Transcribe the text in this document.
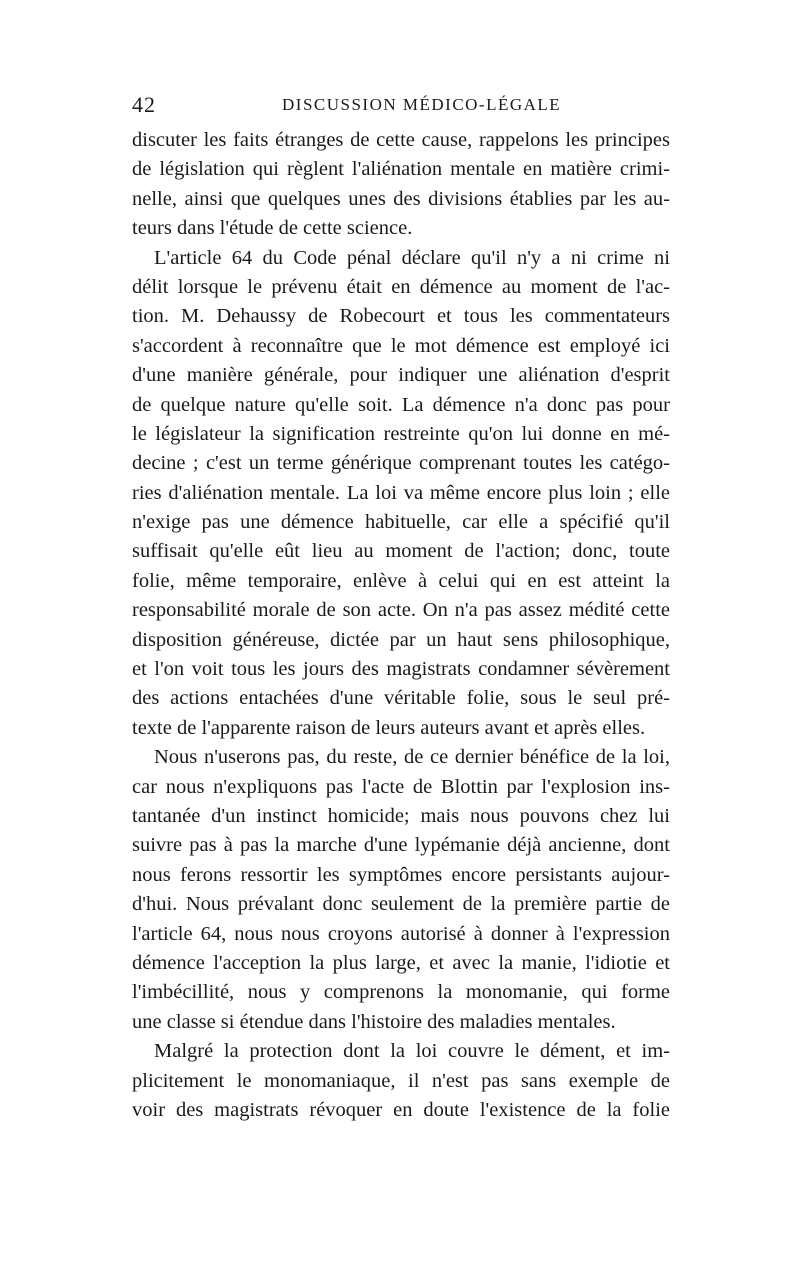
42	DISCUSSION MÉDICO-LÉGALE
discuter les faits étranges de cette cause, rappelons les principes
de législation qui règlent l'aliénation mentale en matière crimi-
nelle, ainsi que quelques unes des divisions établies par les au-
teurs dans l'étude de cette science.
L'article 64 du Code pénal déclare qu'il n'y a ni crime ni
délit lorsque le prévenu était en démence au moment de l'ac-
tion. M. Dehaussy de Robecourt et tous les commentateurs
s'accordent à reconnaître que le mot démence est employé ici
d'une manière générale, pour indiquer une aliénation d'esprit
de quelque nature qu'elle soit. La démence n'a donc pas pour
le législateur la signification restreinte qu'on lui donne en mé-
decine ; c'est un terme générique comprenant toutes les catégo-
ries d'aliénation mentale. La loi va même encore plus loin ; elle
n'exige pas une démence habituelle, car elle a spécifié qu'il
suffisait qu'elle eût lieu au moment de l'action; donc, toute
folie, même temporaire, enlève à celui qui en est atteint la
responsabilité morale de son acte. On n'a pas assez médité cette
disposition généreuse, dictée par un haut sens philosophique,
et l'on voit tous les jours des magistrats condamner sévèrement
des actions entachées d'une véritable folie, sous le seul pré-
texte de l'apparente raison de leurs auteurs avant et après elles.
Nous n'userons pas, du reste, de ce dernier bénéfice de la loi,
car nous n'expliquons pas l'acte de Blottin par l'explosion ins-
tantanée d'un instinct homicide; mais nous pouvons chez lui
suivre pas à pas la marche d'une lypémanie déjà ancienne, dont
nous ferons ressortir les symptômes encore persistants aujour-
d'hui. Nous prévalant donc seulement de la première partie de
l'article 64, nous nous croyons autorisé à donner à l'expression
démence l'acception la plus large, et avec la manie, l'idiotie et
l'imbécillité, nous y comprenons la monomanie, qui forme
une classe si étendue dans l'histoire des maladies mentales.
Malgré la protection dont la loi couvre le dément, et im-
plicitement le monomaniaque, il n'est pas sans exemple de
voir des magistrats révoquer en doute l'existence de la folie
